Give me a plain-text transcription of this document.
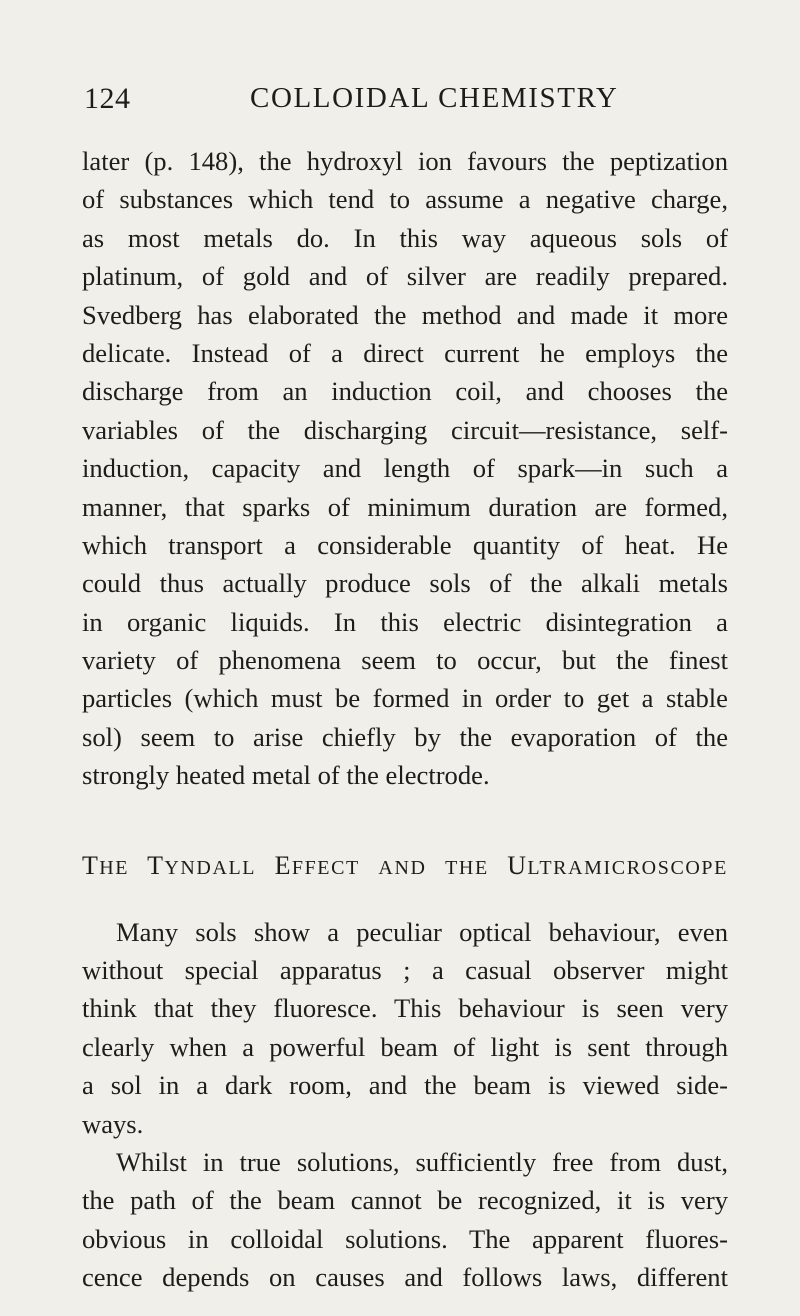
124	COLLOIDAL CHEMISTRY
later (p. 148), the hydroxyl ion favours the peptization
of substances which tend to assume a negative charge,
as most metals do. In this way aqueous sols of
platinum, of gold and of silver are readily prepared.
Svedberg has elaborated the method and made it more
delicate. Instead of a direct current he employs the
discharge from an induction coil, and chooses the
variables of the discharging circuit—resistance, self-
induction, capacity and length of spark—in such a
manner, that sparks of minimum duration are formed,
which transport a considerable quantity of heat. He
could thus actually produce sols of the alkali metals
in organic liquids. In this electric disintegration a
variety of phenomena seem to occur, but the finest
particles (which must be formed in order to get a stable
sol) seem to arise chiefly by the evaporation of the
strongly heated metal of the electrode.
THE TYNDALL EFFECT AND THE ULTRAMICROSCOPE
Many sols show a peculiar optical behaviour, even
without special apparatus ; a casual observer might
think that they fluoresce. This behaviour is seen very
clearly when a powerful beam of light is sent through
a sol in a dark room, and the beam is viewed side-
ways.
Whilst in true solutions, sufficiently free from dust,
the path of the beam cannot be recognized, it is very
obvious in colloidal solutions. The apparent fluores-
cence depends on causes and follows laws, different
